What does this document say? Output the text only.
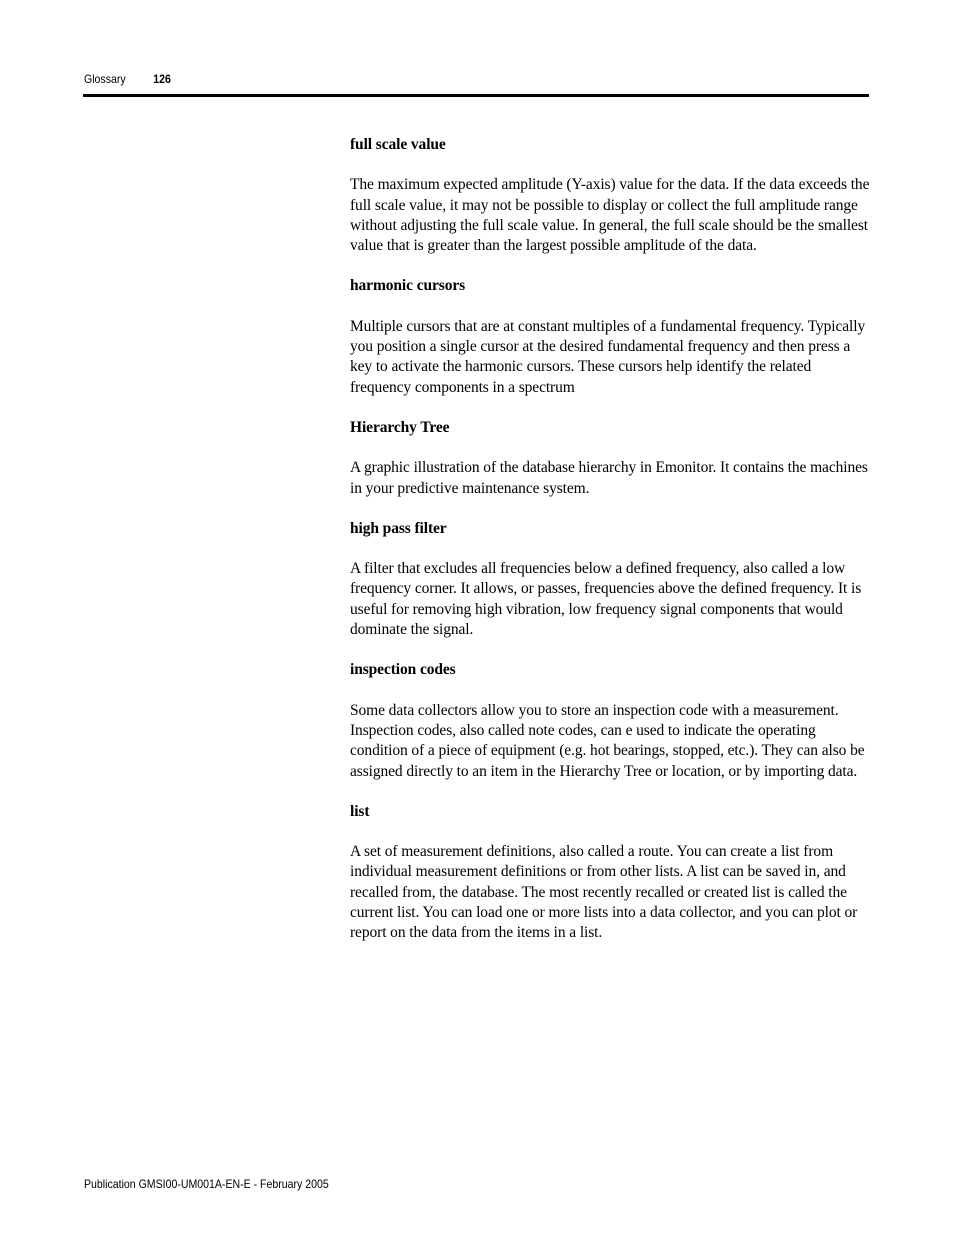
Glossary 126

full scale value

The maximum expected amplitude (Y-axis) value for the data. If the data exceeds the full scale value, it may not be possible to display or collect the full amplitude range without adjusting the full scale value. In general, the full scale should be the smallest value that is greater than the largest possible amplitude of the data.

harmonic cursors

Multiple cursors that are at constant multiples of a fundamental frequency. Typically you position a single cursor at the desired fundamental frequency and then press a key to activate the harmonic cursors. These cursors help identify the related frequency components in a spectrum

Hierarchy Tree

A graphic illustration of the database hierarchy in Emonitor. It contains the machines in your predictive maintenance system.

high pass filter

A filter that excludes all frequencies below a defined frequency, also called a low frequency corner. It allows, or passes, frequencies above the defined frequency. It is useful for removing high vibration, low frequency signal components that would dominate the signal.

inspection codes

Some data collectors allow you to store an inspection code with a measurement. Inspection codes, also called note codes, can e used to indicate the operating condition of a piece of equipment (e.g. hot bearings, stopped, etc.). They can also be assigned directly to an item in the Hierarchy Tree or location, or by importing data.

list

A set of measurement definitions, also called a route. You can create a list from individual measurement definitions or from other lists. A list can be saved in, and recalled from, the database. The most recently recalled or created list is called the current list. You can load one or more lists into a data collector, and you can plot or report on the data from the items in a list.

Publication GMSI00-UM001A-EN-E - February 2005
